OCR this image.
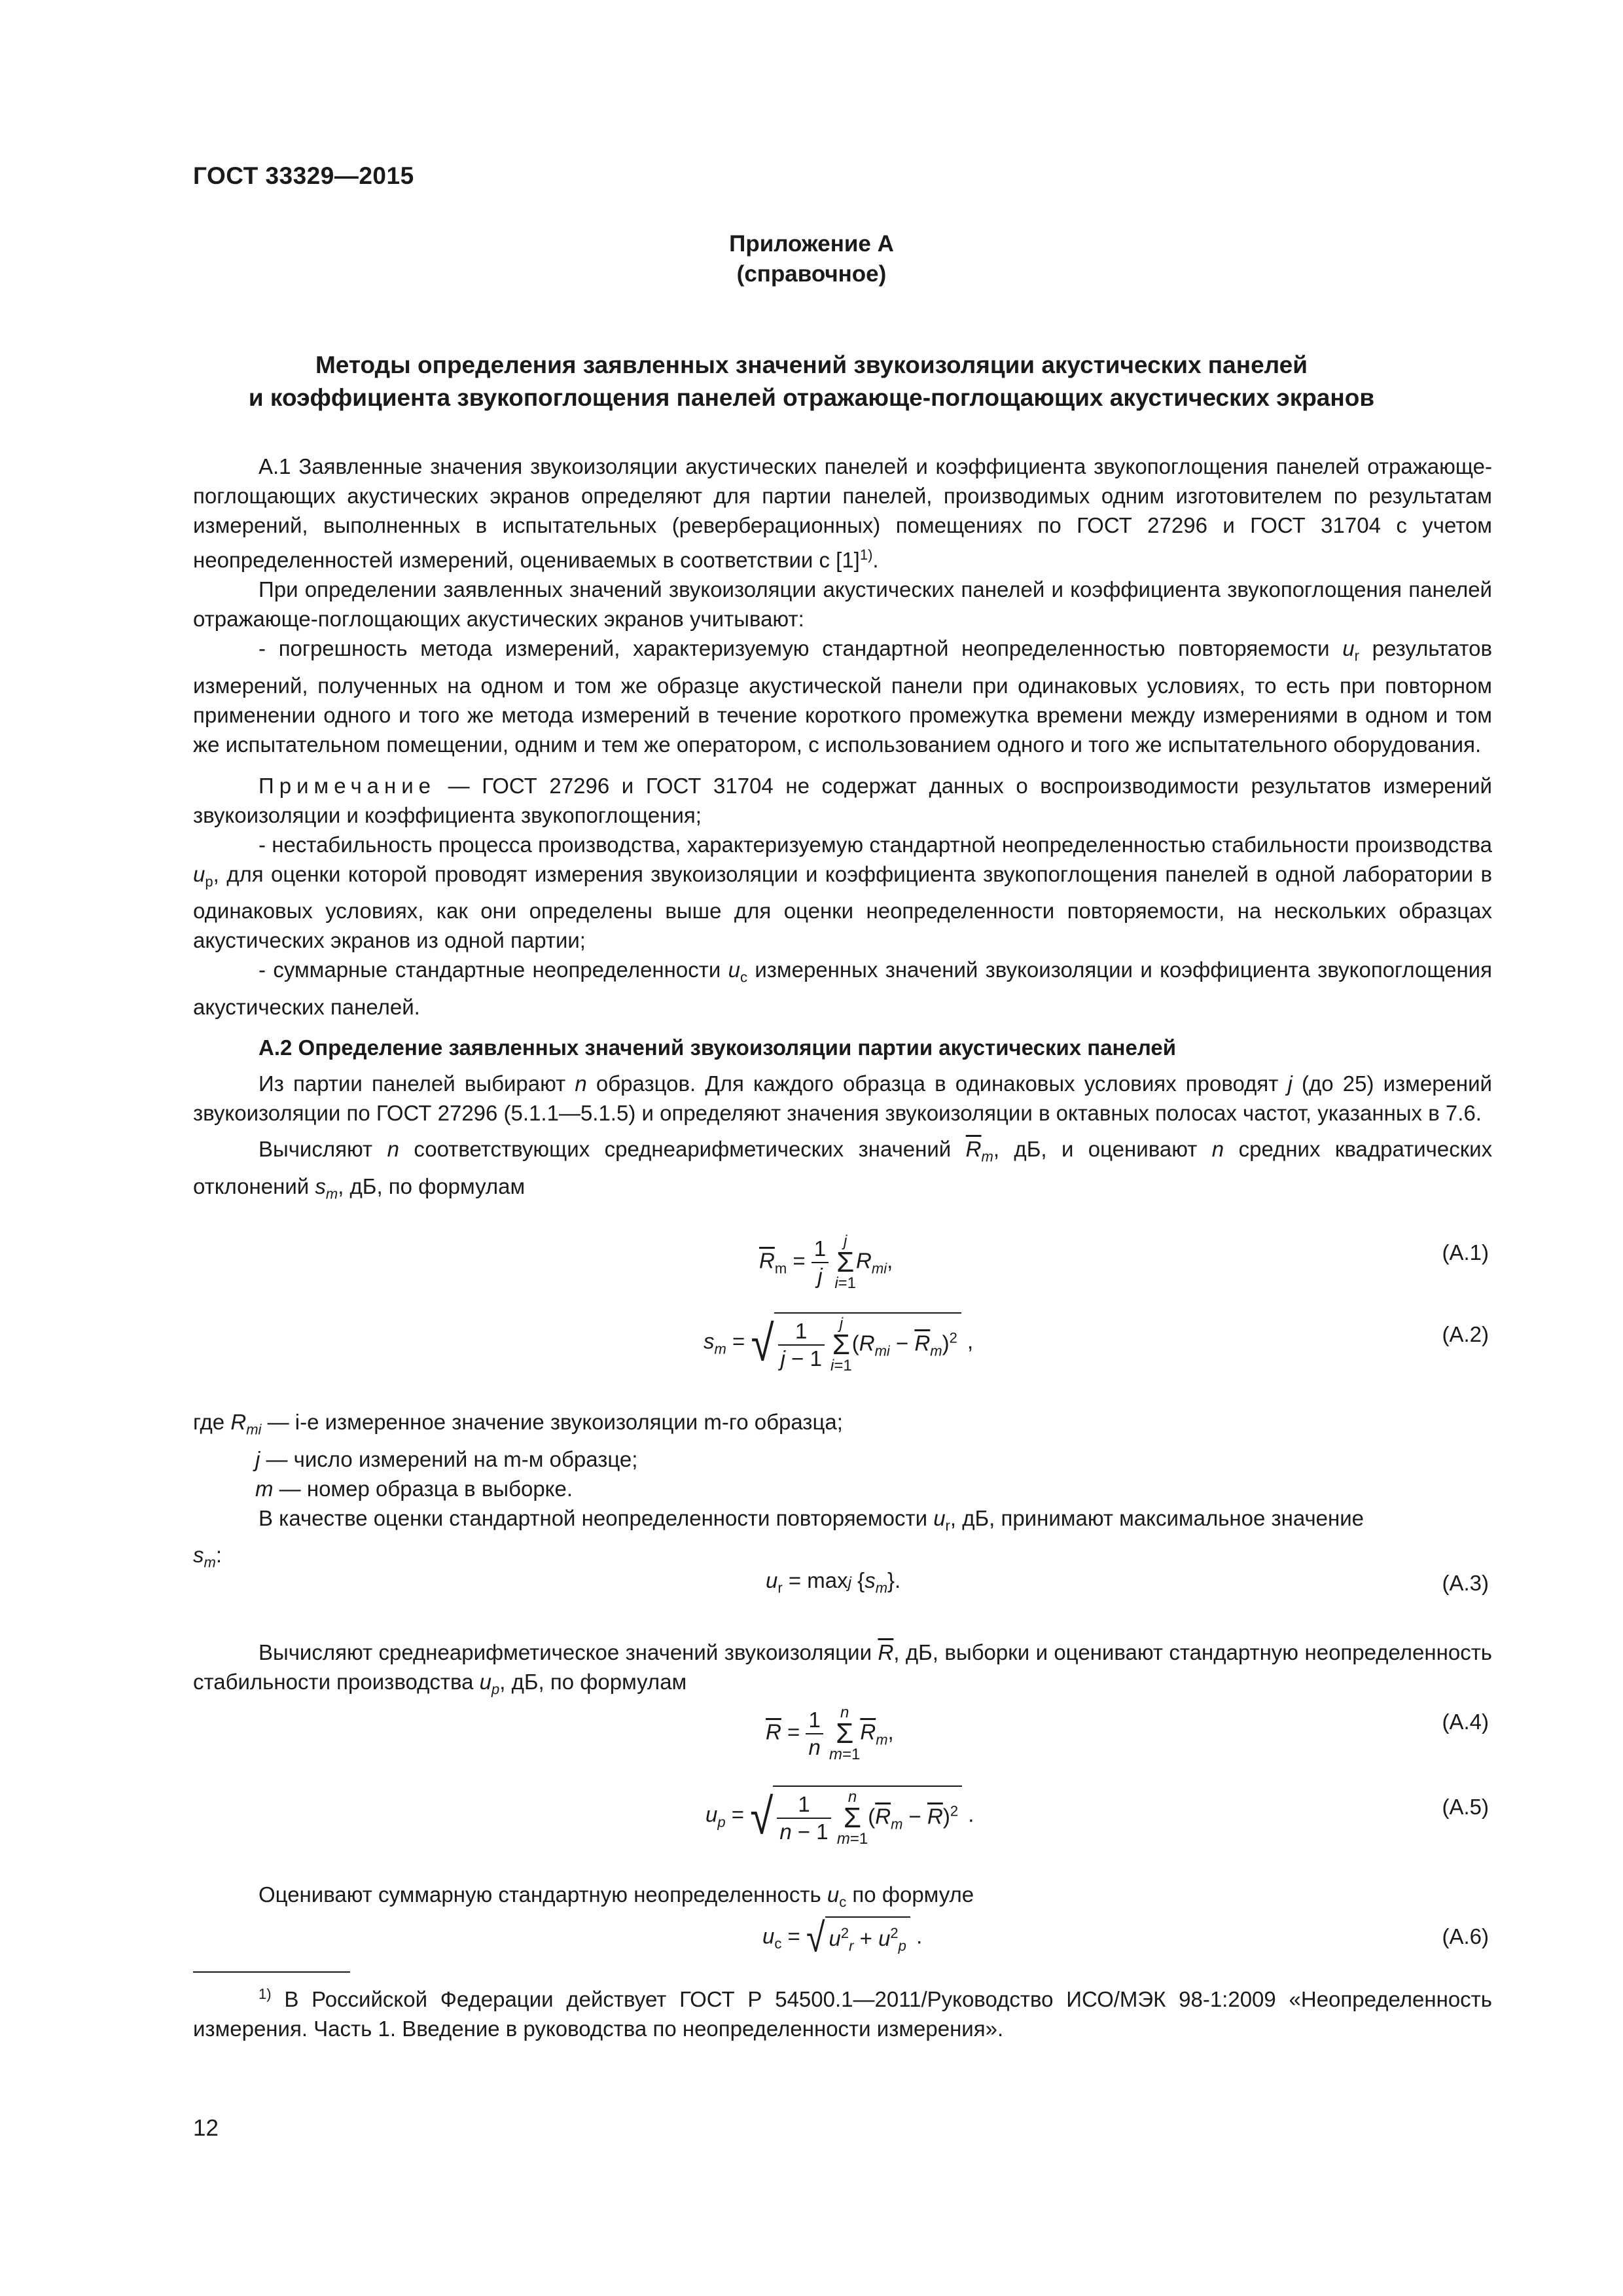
ГОСТ 33329—2015
Приложение А
(справочное)
Методы определения заявленных значений звукоизоляции акустических панелей
и коэффициента звукопоглощения панелей отражающе-поглощающих акустических экранов
А.1 Заявленные значения звукоизоляции акустических панелей и коэффициента звукопоглощения панелей отражающе-поглощающих акустических экранов определяют для партии панелей, производимых одним изготовителем по результатам измерений, выполненных в испытательных (реверберационных) помещениях по ГОСТ 27296 и ГОСТ 31704 с учетом неопределенностей измерений, оцениваемых в соответствии с $[1]^{1)}$.
При определении заявленных значений звукоизоляции акустических панелей и коэффициента звукопоглощения панелей отражающе-поглощающих акустических экранов учитывают:
- погрешность метода измерений, характеризуемую стандартной неопределенностью повторяемости $u_r$ результатов измерений, полученных на одном и том же образце акустической панели при одинаковых условиях, то есть при повторном применении одного и того же метода измерений в течение короткого промежутка времени между измерениями в одном и том же испытательном помещении, одним и тем же оператором, с использованием одного и того же испытательного оборудования.
Примечание — ГОСТ 27296 и ГОСТ 31704 не содержат данных о воспроизводимости результатов измерений звукоизоляции и коэффициента звукопоглощения;
- нестабильность процесса производства, характеризуемую стандартной неопределенностью стабильности производства $u_p$, для оценки которой проводят измерения звукоизоляции и коэффициента звукопоглощения панелей в одной лаборатории в одинаковых условиях, как они определены выше для оценки неопределенности повторяемости, на нескольких образцах акустических экранов из одной партии;
- суммарные стандартные неопределенности $u_c$ измеренных значений звукоизоляции и коэффициента звукопоглощения акустических панелей.
А.2 Определение заявленных значений звукоизоляции партии акустических панелей
Из партии панелей выбирают n образцов. Для каждого образца в одинаковых условиях проводят j (до 25) измерений звукоизоляции по ГОСТ 27296 (5.1.1—5.1.5) и определяют значения звукоизоляции в октавных полосах частот, указанных в 7.6.
Вычисляют n соответствующих среднеарифметических значений $\overline{R}_m$, дБ, и оценивают n средних квадратических отклонений $s_m$, дБ, по формулам
$\overline{R}_m = \frac{1}{j}$ j
Σ
$i=1R_{mi}$,	(А.1)
$s_m$ = √ $\frac{1}{j - 1}$ j
Σ
$i=1(R_{mi} - \overline{R}_m)^2$ ,	(А.2)
где $R_{mi}$ — i-е измеренное значение звукоизоляции m-го образца;
j — число измерений на m-м образце;
m — номер образца в выборке.
В качестве оценки стандартной неопределенности повторяемости $u_r$, дБ, принимают максимальное значение
$s_m$:
$u_r = \max j$ $\{s_m\}$.	(А.3)
Вычисляют среднеарифметическое значений звукоизоляции $\overline{R}$, дБ, выборки и оценивают стандартную неопределенность стабильности производства $u_p$, дБ, по формулам
$\overline{R} = \frac{1}{n}$ n
Σ
$m=1\overline{R}_m$,	(А.4)
$u_p$ = √ $\frac{1}{n - 1}$ n
Σ
$m=1(\overline{R}_m - \overline{R})^2$ .	(А.5)
Оценивают суммарную стандартную неопределенность $u_c$ по формуле
$u_c$ = √ $u^2_r + u^2_p$ .	(А.6)
$^{1)}$ В Российской Федерации действует ГОСТ Р 54500.1—2011/Руководство ИСО/МЭК 98-1:2009 «Неопределенность измерения. Часть 1. Введение в руководства по неопределенности измерения».
12
